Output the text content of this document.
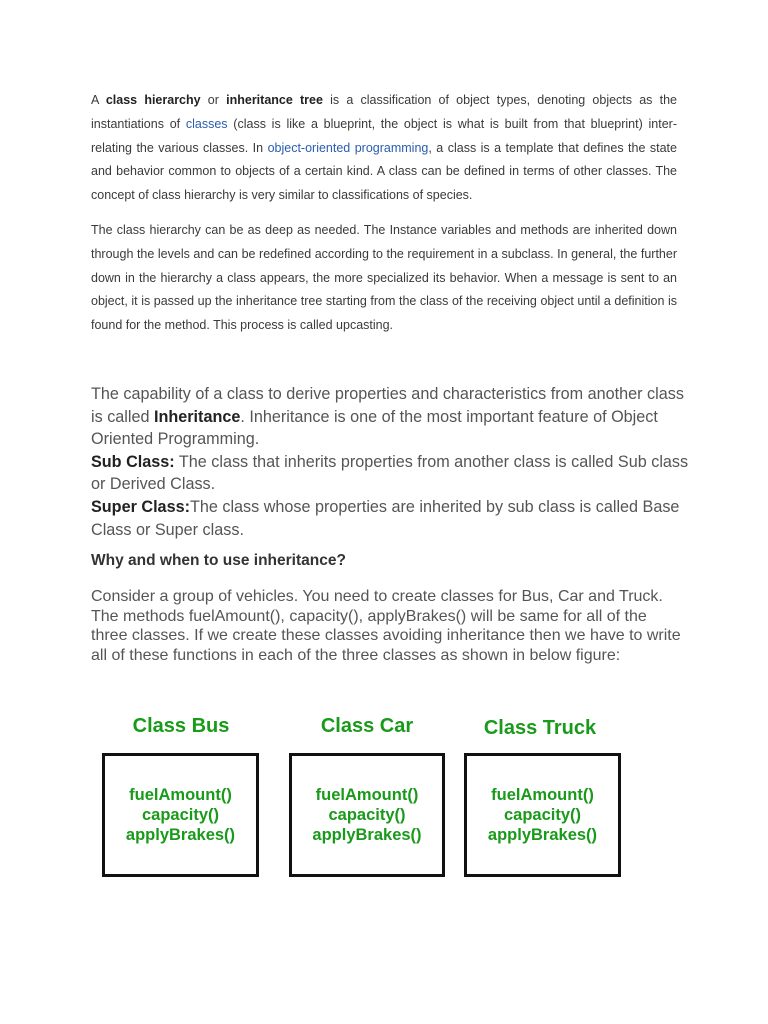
A class hierarchy or inheritance tree is a classification of object types, denoting objects as the instantiations of classes (class is like a blueprint, the object is what is built from that blueprint) inter-relating the various classes. In object-oriented programming, a class is a template that defines the state and behavior common to objects of a certain kind. A class can be defined in terms of other classes. The concept of class hierarchy is very similar to classifications of species.

The class hierarchy can be as deep as needed. The Instance variables and methods are inherited down through the levels and can be redefined according to the requirement in a subclass. In general, the further down in the hierarchy a class appears, the more specialized its behavior. When a message is sent to an object, it is passed up the inheritance tree starting from the class of the receiving object until a definition is found for the method. This process is called upcasting.

The capability of a class to derive properties and characteristics from another class is called Inheritance. Inheritance is one of the most important feature of Object Oriented Programming.

Sub Class: The class that inherits properties from another class is called Sub class or Derived Class.

Super Class:The class whose properties are inherited by sub class is called Base Class or Super class.

Why and when to use inheritance?

Consider a group of vehicles. You need to create classes for Bus, Car and Truck. The methods fuelAmount(), capacity(), applyBrakes() will be same for all of the three classes. If we create these classes avoiding inheritance then we have to write all of these functions in each of the three classes as shown in below figure:

Class Bus	Class Car	Class Truck
fuelAmount()
capacity()
applyBrakes()
fuelAmount()
capacity()
applyBrakes()
fuelAmount()
capacity()
applyBrakes()
